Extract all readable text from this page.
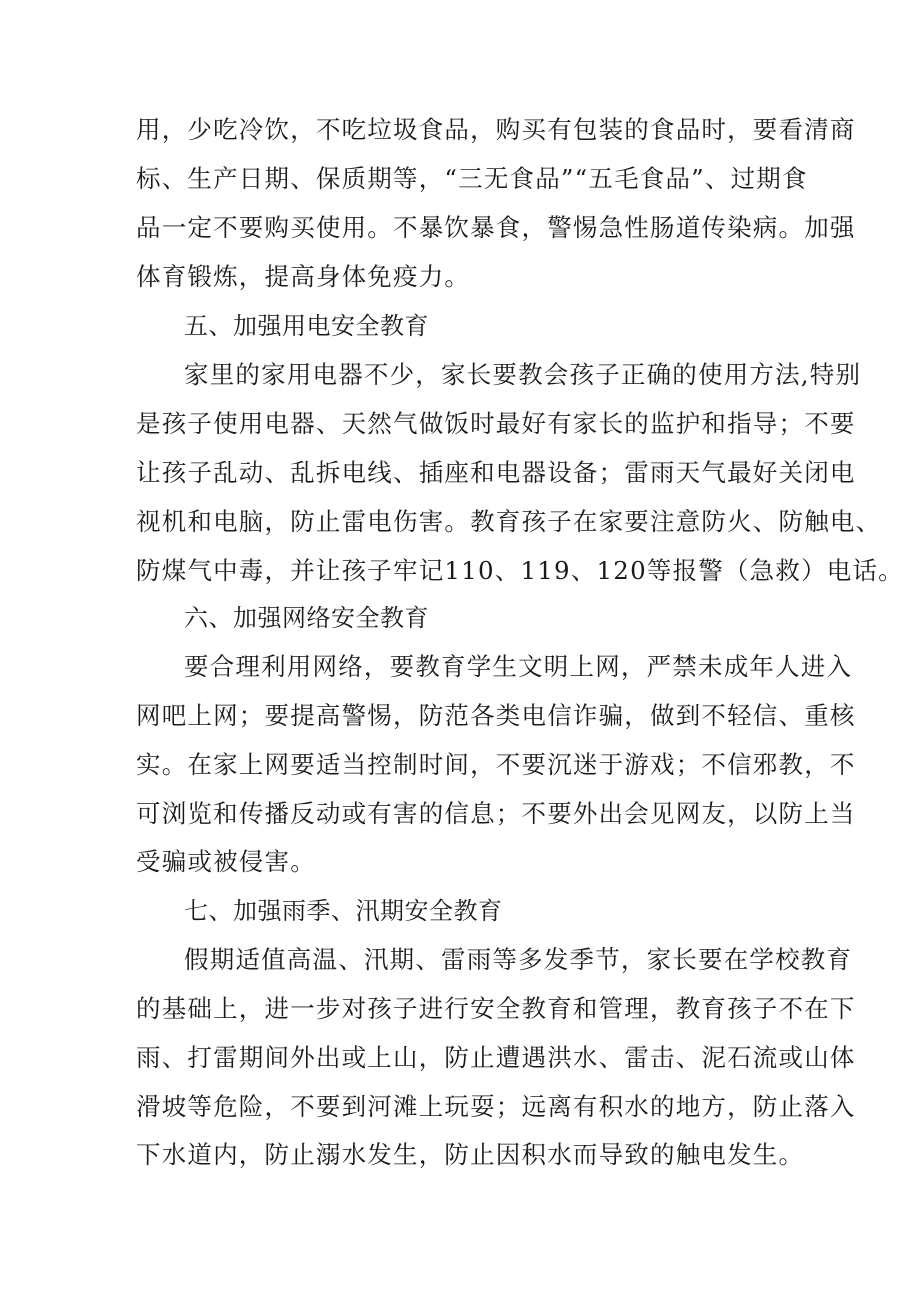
用，少吃冷饮，不吃垃圾食品，购买有包装的食品时，要看清商
标、生产日期、保质期等，“三无食品”“五毛食品”、过期食
品一定不要购买使用。不暴饮暴食，警惕急性肠道传染病。加强
体育锻炼，提高身体免疫力。
五、加强用电安全教育
家里的家用电器不少，家长要教会孩子正确的使用方法,特别
是孩子使用电器、天然气做饭时最好有家长的监护和指导；不要
让孩子乱动、乱拆电线、插座和电器设备；雷雨天气最好关闭电
视机和电脑，防止雷电伤害。教育孩子在家要注意防火、防触电、
防煤气中毒，并让孩子牢记110、119、120等报警（急救）电话。
六、加强网络安全教育
要合理利用网络，要教育学生文明上网，严禁未成年人进入
网吧上网；要提高警惕，防范各类电信诈骗，做到不轻信、重核
实。在家上网要适当控制时间，不要沉迷于游戏；不信邪教，不
可浏览和传播反动或有害的信息；不要外出会见网友，以防上当
受骗或被侵害。
七、加强雨季、汛期安全教育
假期适值高温、汛期、雷雨等多发季节，家长要在学校教育
的基础上，进一步对孩子进行安全教育和管理，教育孩子不在下
雨、打雷期间外出或上山，防止遭遇洪水、雷击、泥石流或山体
滑坡等危险，不要到河滩上玩耍；远离有积水的地方，防止落入
下水道内，防止溺水发生，防止因积水而导致的触电发生。
